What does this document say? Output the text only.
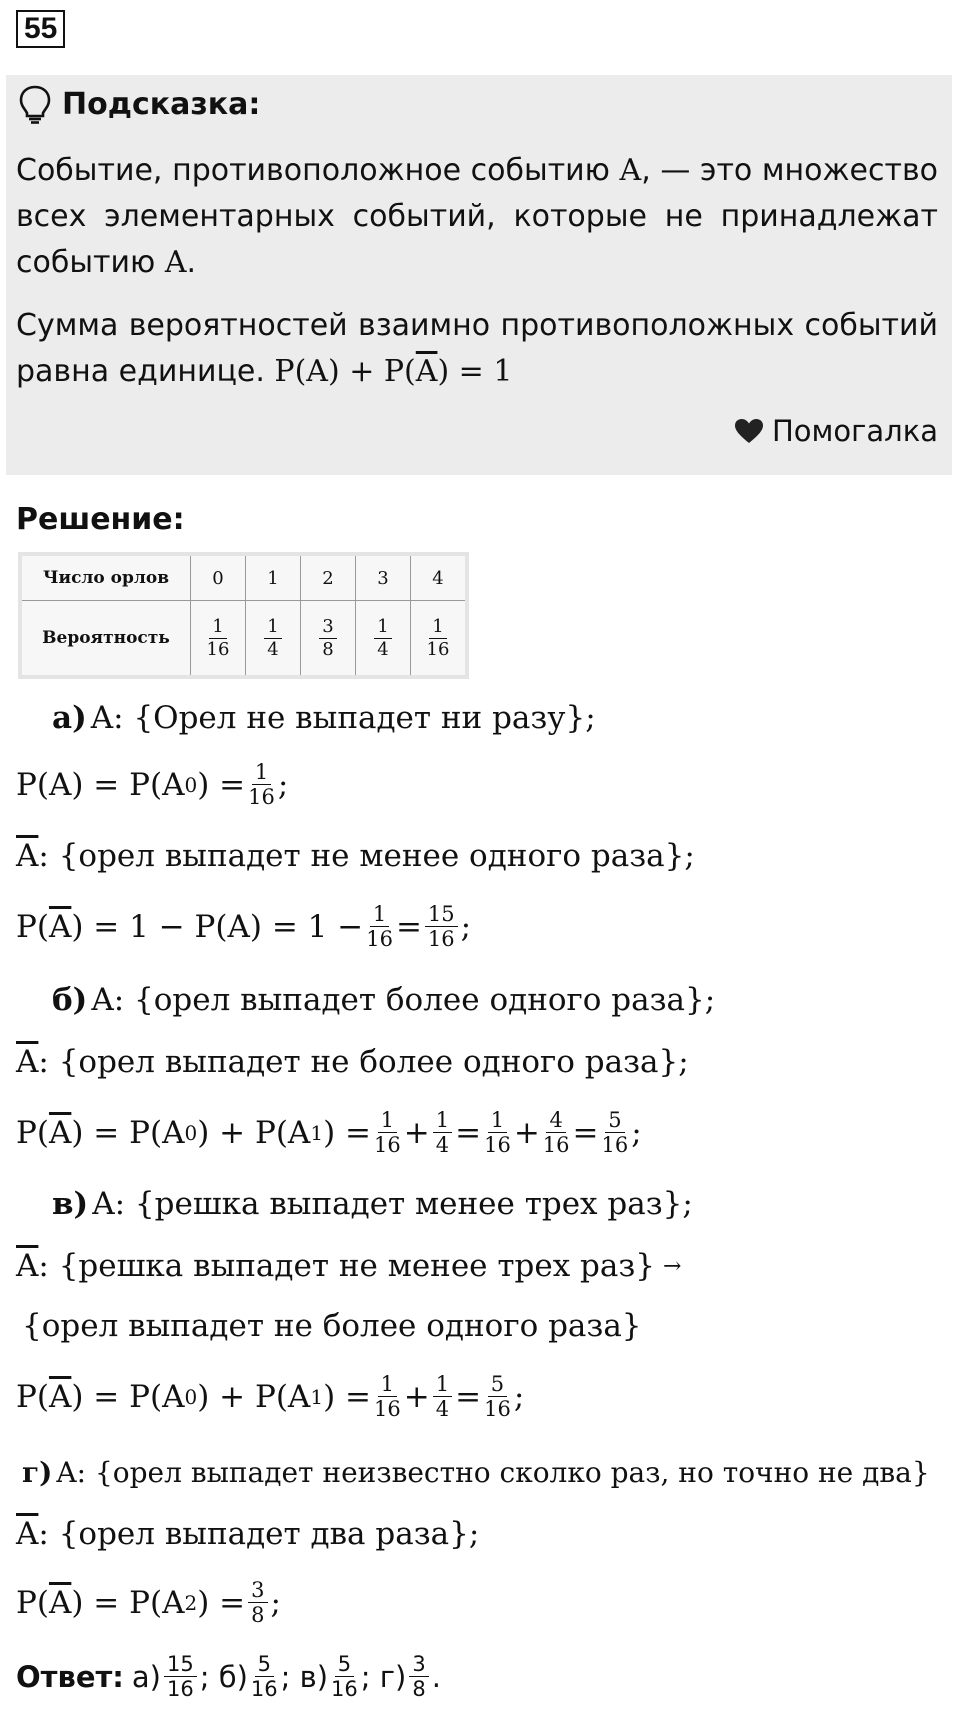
55
Подсказка:
Событие, противоположное событию A, — это множество всех элементарных событий, которые не принадлежат событию A.
Сумма вероятностей взаимно противоположных событий равна единице. $P(A) + P(\overline{A}) = 1$
Помогалка
Решение:
Число орлов	0	1	2	3	4
Вероятность	$\frac{1}{16}$	$\frac{1}{4}$	$\frac{3}{8}$	$\frac{1}{4}$	$\frac{1}{16}$
а) A: {Орел не выпадет ни разу};
P(A) = P(A 0 ) = $\frac{1}{16}$ ;
$\overline{A}$ : {орел выпадет не менее одного раза};
P( $\overline{A}$ ) = $1 - P(A) = 1 - \frac{1}{16} = \frac{15}{16}$ ;
б) A: {орел выпадет более одного раза};
$\overline{A}$ : {орел выпадет не более одного раза};
P( $\overline{A}$ ) = P(A 0 ) + P(A 1 ) = $\frac{1}{16} + \frac{1}{4} = \frac{1}{16} + \frac{4}{16} = \frac{5}{16}$ ;
в) A: {решка выпадет менее трех раз};
$\overline{A}$ : {решка выпадет не менее трех раз} →
{орел выпадет не более одного раза}
P( $\overline{A}$ ) = P(A 0 ) + P(A 1 ) = $\frac{1}{16} + \frac{1}{4} = \frac{5}{16}$ ;
г) A: {орел выпадет неизвестно сколко раз, но точно не два}
$\overline{A}$ : {орел выпадет два раза};
P( $\overline{A}$ ) = P(A 2 ) = $\frac{3}{8}$ ;
Ответ: $а) \frac{15}{16}$ ; $б) \frac{5}{16}$ ; $в) \frac{5}{16}$ ; $г) \frac{3}{8}$ .
